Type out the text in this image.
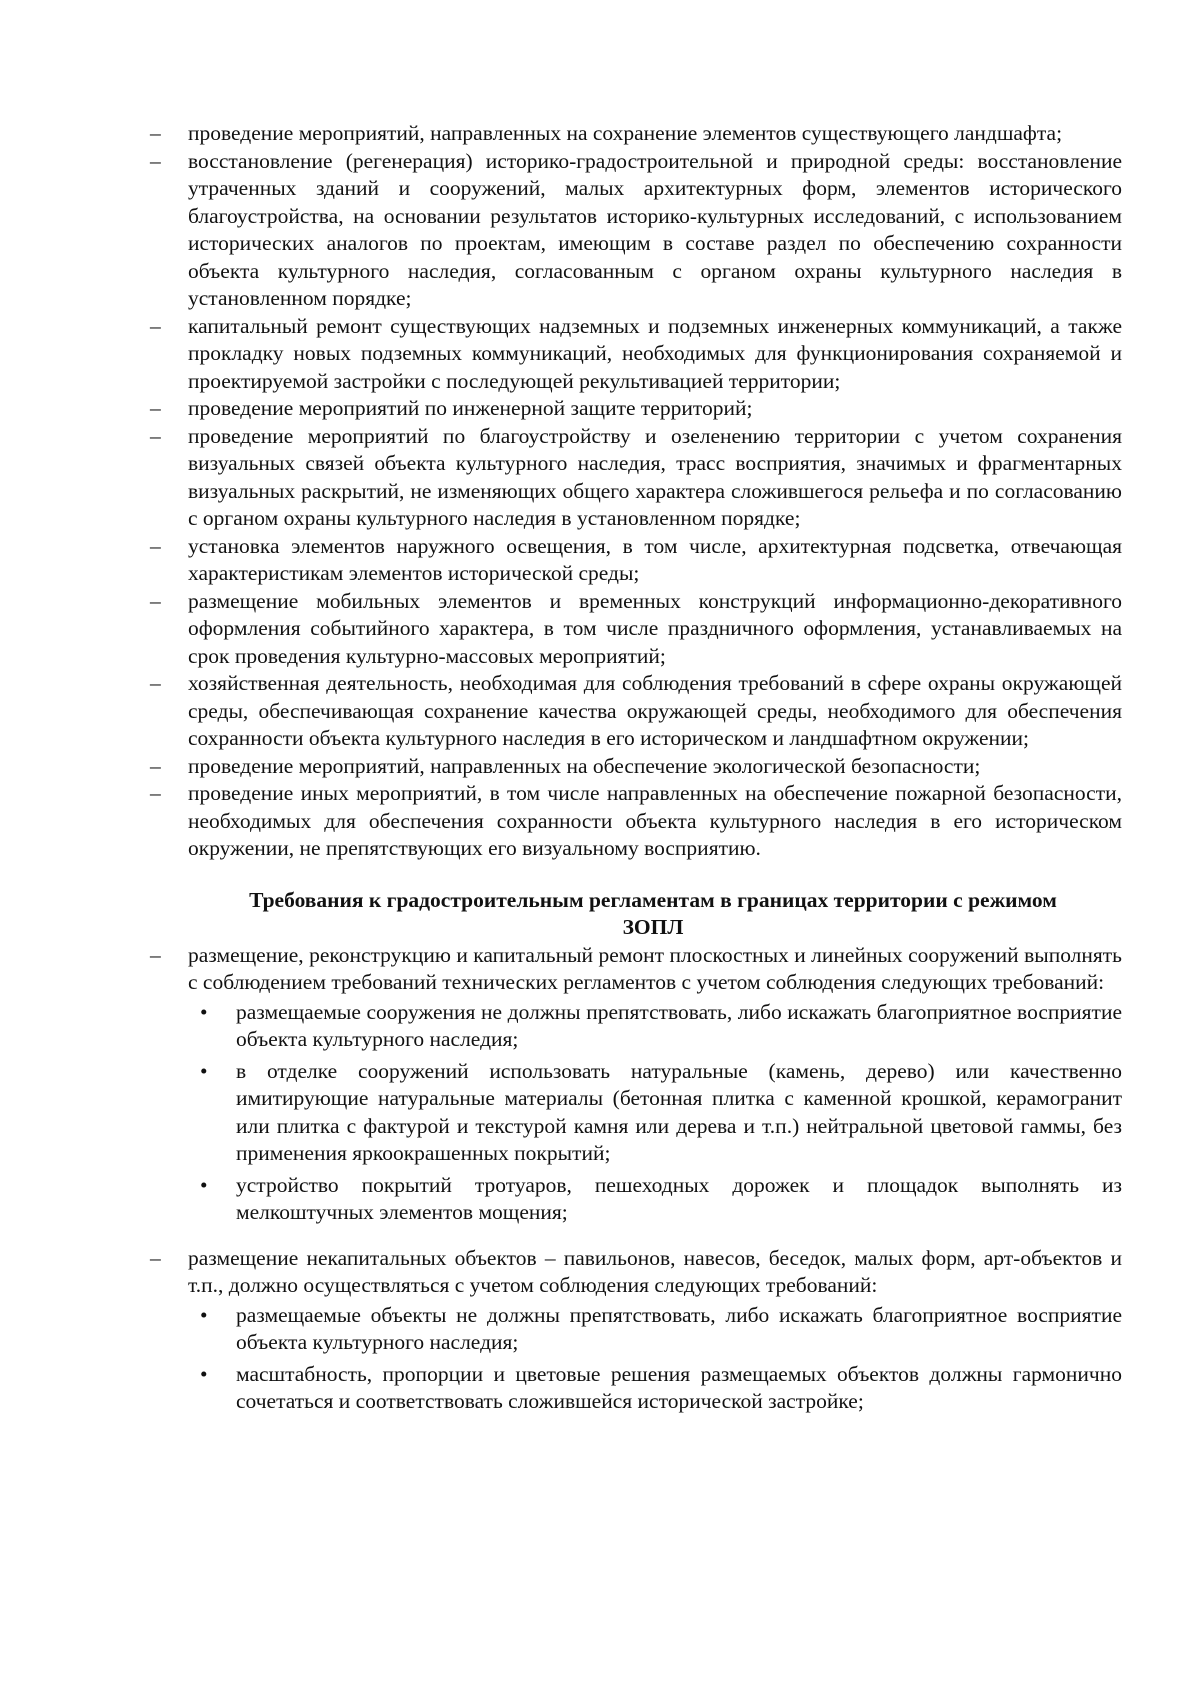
– проведение мероприятий, направленных на сохранение элементов существующего ландшафта;

– восстановление (регенерация) историко-градостроительной и природной среды: восстановление утраченных зданий и сооружений, малых архитектурных форм, элементов исторического благоустройства, на основании результатов историко-культурных исследований, с использованием исторических аналогов по проектам, имеющим в составе раздел по обеспечению сохранности объекта культурного наследия, согласованным с органом охраны культурного наследия в установленном порядке;

– капитальный ремонт существующих надземных и подземных инженерных коммуникаций, а также прокладку новых подземных коммуникаций, необходимых для функционирования сохраняемой и проектируемой застройки с последующей рекультивацией территории;

– проведение мероприятий по инженерной защите территорий;

– проведение мероприятий по благоустройству и озеленению территории с учетом сохранения визуальных связей объекта культурного наследия, трасс восприятия, значимых и фрагментарных визуальных раскрытий, не изменяющих общего характера сложившегося рельефа и по согласованию с органом охраны культурного наследия в установленном порядке;

– установка элементов наружного освещения, в том числе, архитектурная подсветка, отвечающая характеристикам элементов исторической среды;

– размещение мобильных элементов и временных конструкций информационно-декоративного оформления событийного характера, в том числе праздничного оформления, устанавливаемых на срок проведения культурно-массовых мероприятий;

– хозяйственная деятельность, необходимая для соблюдения требований в сфере охраны окружающей среды, обеспечивающая сохранение качества окружающей среды, необходимого для обеспечения сохранности объекта культурного наследия в его историческом и ландшафтном окружении;

– проведение мероприятий, направленных на обеспечение экологической безопасности;

– проведение иных мероприятий, в том числе направленных на обеспечение пожарной безопасности, необходимых для обеспечения сохранности объекта культурного наследия в его историческом окружении, не препятствующих его визуальному восприятию.

Требования к градостроительным регламентам в границах территории с режимом
ЗОПЛ

– размещение, реконструкцию и капитальный ремонт плоскостных и линейных сооружений выполнять с соблюдением требований технических регламентов с учетом соблюдения следующих требований:

• размещаемые сооружения не должны препятствовать, либо искажать благоприятное восприятие объекта культурного наследия;

• в отделке сооружений использовать натуральные (камень, дерево) или качественно имитирующие натуральные материалы (бетонная плитка с каменной крошкой, керамогранит или плитка с фактурой и текстурой камня или дерева и т.п.) нейтральной цветовой гаммы, без применения яркоокрашенных покрытий;

• устройство покрытий тротуаров, пешеходных дорожек и площадок выполнять из мелкоштучных элементов мощения;

– размещение некапитальных объектов – павильонов, навесов, беседок, малых форм, арт-объектов и т.п., должно осуществляться с учетом соблюдения следующих требований:

• размещаемые объекты не должны препятствовать, либо искажать благоприятное восприятие объекта культурного наследия;

• масштабность, пропорции и цветовые решения размещаемых объектов должны гармонично сочетаться и соответствовать сложившейся исторической застройке;
